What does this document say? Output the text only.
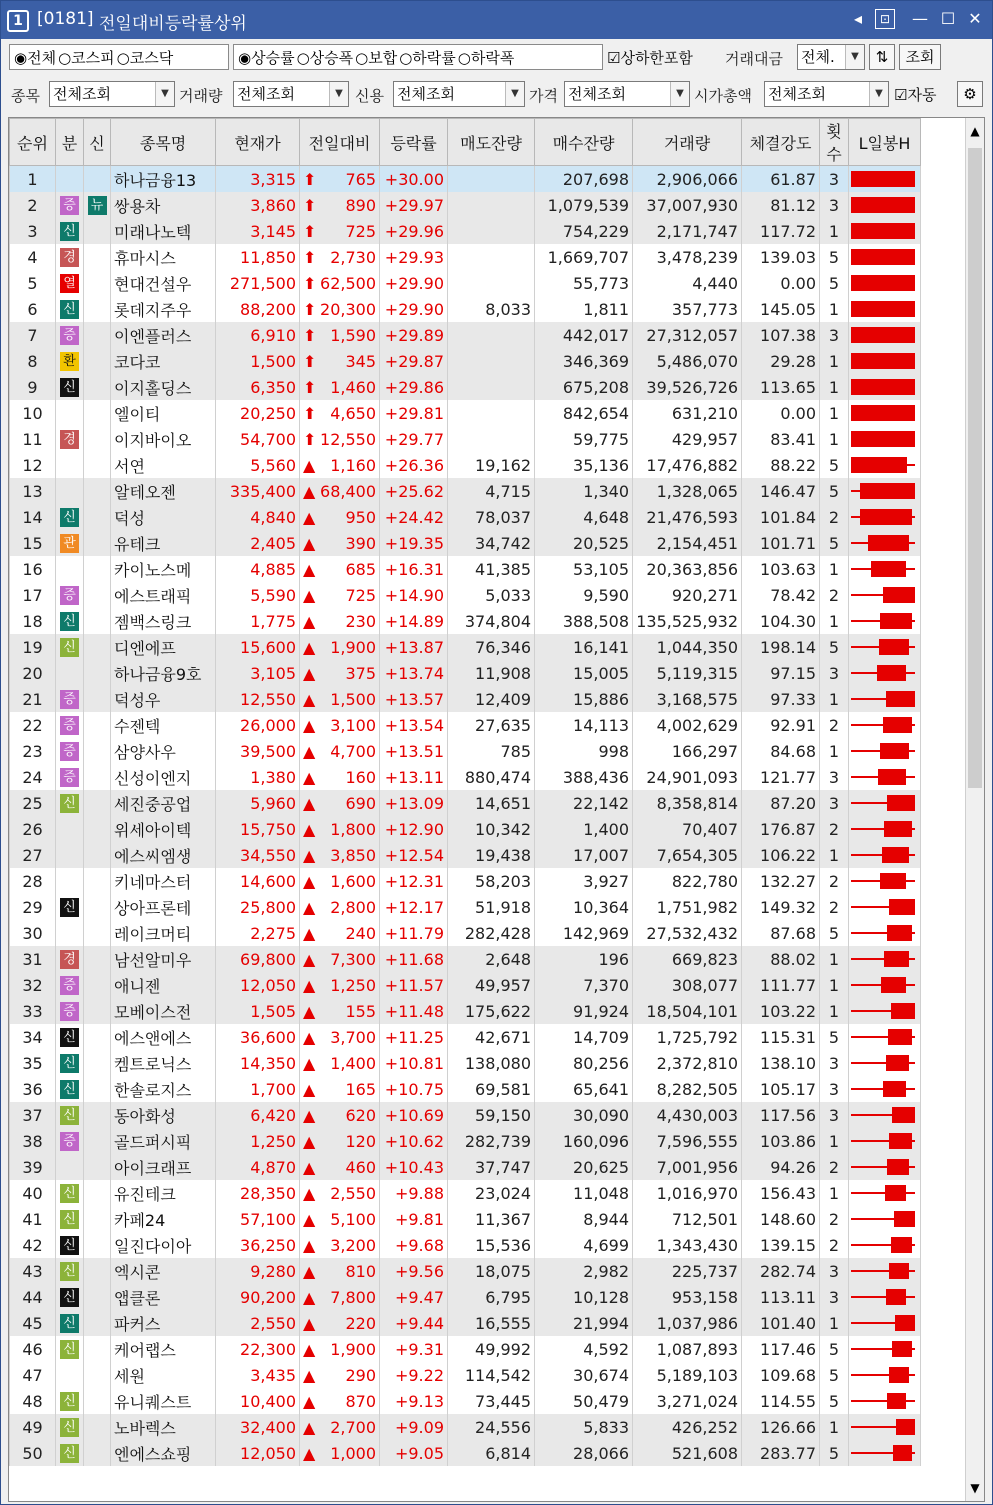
1 [0181] 전일대비등락률상위	◂	⊡	— ☐ ✕
◉전체 ○코스피 ○코스닥	◉상승률 ○상승폭 ○보합 ○하락률 ○하락폭	☑상하한포함 거래대금 전체.	▼	⇅	조회
종목 전체조회	▼ 거래량 전체조회	▼ 신용 전체조회	▼ 가격 전체조회	▼ 시가총액 전체조회	▼ ☑자동	⚙
순위	분	신	종목명	현재가	전일대비	등락률	매도잔량	매수잔량	거래량	체결강도	횟수	L일봉H
1			하나금융13	3,315	⬆ 765	+30.00		207,698	2,906,066	61.87	3	

2	증	뉴	쌍용차	3,860	⬆ 890	+29.97		1,079,539	37,007,930	81.12	3	

3	신		미래나노텍	3,145	⬆ 725	+29.96		754,229	2,171,747	117.72	1	

4	경		휴마시스	11,850	⬆ 2,730	+29.93		1,669,707	3,478,239	139.03	5	

5	열		현대건설우	271,500	⬆ 62,500	+29.90		55,773	4,440	0.00	5	

6	신		롯데지주우	88,200	⬆ 20,300	+29.90	8,033	1,811	357,773	145.05	1	

7	증		이엔플러스	6,910	⬆ 1,590	+29.89		442,017	27,312,057	107.38	3	

8	환		코다코	1,500	⬆ 345	+29.87		346,369	5,486,070	29.28	1	

9	신		이지홀딩스	6,350	⬆ 1,460	+29.86		675,208	39,526,726	113.65	1	

10			엘이티	20,250	⬆ 4,650	+29.81		842,654	631,210	0.00	1	

11	경		이지바이오	54,700	⬆ 12,550	+29.77		59,775	429,957	83.41	1	

12			서연	5,560	▲ 1,160	+26.36	19,162	35,136	17,476,882	88.22	5	

13			알테오젠	335,400	▲ 68,400	+25.62	4,715	1,340	1,328,065	146.47	5	

14	신		덕성	4,840	▲ 950	+24.42	78,037	4,648	21,476,593	101.84	2	

15	관		유테크	2,405	▲ 390	+19.35	34,742	20,525	2,154,451	101.71	5	

16			카이노스메	4,885	▲ 685	+16.31	41,385	53,105	20,363,856	103.63	1	

17	증		에스트래픽	5,590	▲ 725	+14.90	5,033	9,590	920,271	78.42	2	

18	신		젬백스링크	1,775	▲ 230	+14.89	374,804	388,508	135,525,932	104.30	1	

19	신		디엔에프	15,600	▲ 1,900	+13.87	76,346	16,141	1,044,350	198.14	5	

20			하나금융9호	3,105	▲ 375	+13.74	11,908	15,005	5,119,315	97.15	3	

21	증		덕성우	12,550	▲ 1,500	+13.57	12,409	15,886	3,168,575	97.33	1	

22	증		수젠텍	26,000	▲ 3,100	+13.54	27,635	14,113	4,002,629	92.91	2	

23	증		삼양사우	39,500	▲ 4,700	+13.51	785	998	166,297	84.68	1	

24	증		신성이엔지	1,380	▲ 160	+13.11	880,474	388,436	24,901,093	121.77	3	

25	신		세진중공업	5,960	▲ 690	+13.09	14,651	22,142	8,358,814	87.20	3	

26			위세아이텍	15,750	▲ 1,800	+12.90	10,342	1,400	70,407	176.87	2	

27			에스씨엠생	34,550	▲ 3,850	+12.54	19,438	17,007	7,654,305	106.22	1	

28			키네마스터	14,600	▲ 1,600	+12.31	58,203	3,927	822,780	132.27	2	

29	신		상아프론테	25,800	▲ 2,800	+12.17	51,918	10,364	1,751,982	149.32	2	

30			레이크머티	2,275	▲ 240	+11.79	282,428	142,969	27,532,432	87.68	5	

31	경		남선알미우	69,800	▲ 7,300	+11.68	2,648	196	669,823	88.02	1	

32	증		애니젠	12,050	▲ 1,250	+11.57	49,957	7,370	308,077	111.77	1	

33	증		모베이스전	1,505	▲ 155	+11.48	175,622	91,924	18,504,101	103.22	1	

34	신		에스앤에스	36,600	▲ 3,700	+11.25	42,671	14,709	1,725,792	115.31	5	

35	신		켐트로닉스	14,350	▲ 1,400	+10.81	138,080	80,256	2,372,810	138.10	3	

36	신		한솔로지스	1,700	▲ 165	+10.75	69,581	65,641	8,282,505	105.17	3	

37	신		동아화성	6,420	▲ 620	+10.69	59,150	30,090	4,430,003	117.56	3	

38	증		골드퍼시픽	1,250	▲ 120	+10.62	282,739	160,096	7,596,555	103.86	1	

39			아이크래프	4,870	▲ 460	+10.43	37,747	20,625	7,001,956	94.26	2	

40	신		유진테크	28,350	▲ 2,550	+9.88	23,024	11,048	1,016,970	156.43	1	

41	신		카페24	57,100	▲ 5,100	+9.81	11,367	8,944	712,501	148.60	2	

42	신		일진다이아	36,250	▲ 3,200	+9.68	15,536	4,699	1,343,430	139.15	2	

43	신		엑시콘	9,280	▲ 810	+9.56	18,075	2,982	225,737	282.74	3	

44	신		앱클론	90,200	▲ 7,800	+9.47	6,795	10,128	953,158	113.11	3	

45	신		파커스	2,550	▲ 220	+9.44	16,555	21,994	1,037,986	101.40	1	

46	신		케어랩스	22,300	▲ 1,900	+9.31	49,992	4,592	1,087,893	117.46	5	

47			세원	3,435	▲ 290	+9.22	114,542	30,674	5,189,103	109.68	5	

48	신		유니퀘스트	10,400	▲ 870	+9.13	73,445	50,479	3,271,024	114.55	5	

49	신		노바렉스	32,400	▲ 2,700	+9.09	24,556	5,833	426,252	126.66	1	

50	신		엔에스쇼핑	12,050	▲ 1,000	+9.05	6,814	28,066	521,608	283.77	5	
▲
▼
